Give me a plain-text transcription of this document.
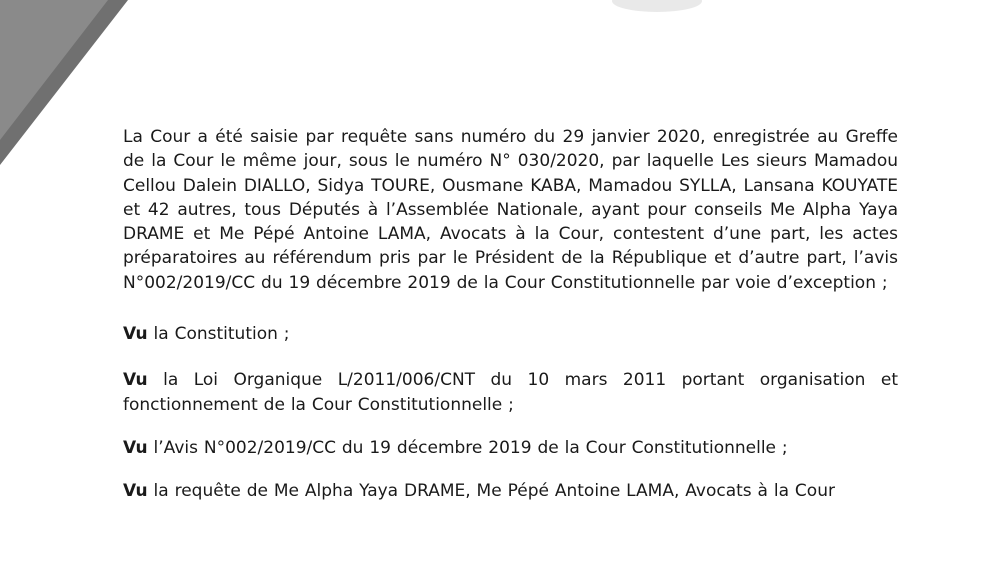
La Cour a été saisie par requête sans numéro du 29 janvier 2020, enregistrée au Greffe de la Cour le même jour, sous le numéro N° 030/2020, par laquelle Les sieurs Mamadou Cellou Dalein DIALLO, Sidya TOURE, Ousmane KABA, Mamadou SYLLA, Lansana KOUYATE et 42 autres, tous Députés à l’Assemblée Nationale, ayant pour conseils Me Alpha Yaya DRAME et Me Pépé Antoine LAMA, Avocats à la Cour, contestent d’une part, les actes préparatoires au référendum pris par le Président de la République et d’autre part, l’avis N°002/2019/CC du 19 décembre 2019 de la Cour Constitutionnelle par voie d’exception ;

Vu la Constitution ;

Vu la Loi Organique L/2011/006/CNT du 10 mars 2011 portant organisation et fonctionnement de la Cour Constitutionnelle ;

Vu l’Avis N°002/2019/CC du 19 décembre 2019 de la Cour Constitutionnelle ;

Vu la requête de Me Alpha Yaya DRAME, Me Pépé Antoine LAMA, Avocats à la Cour
